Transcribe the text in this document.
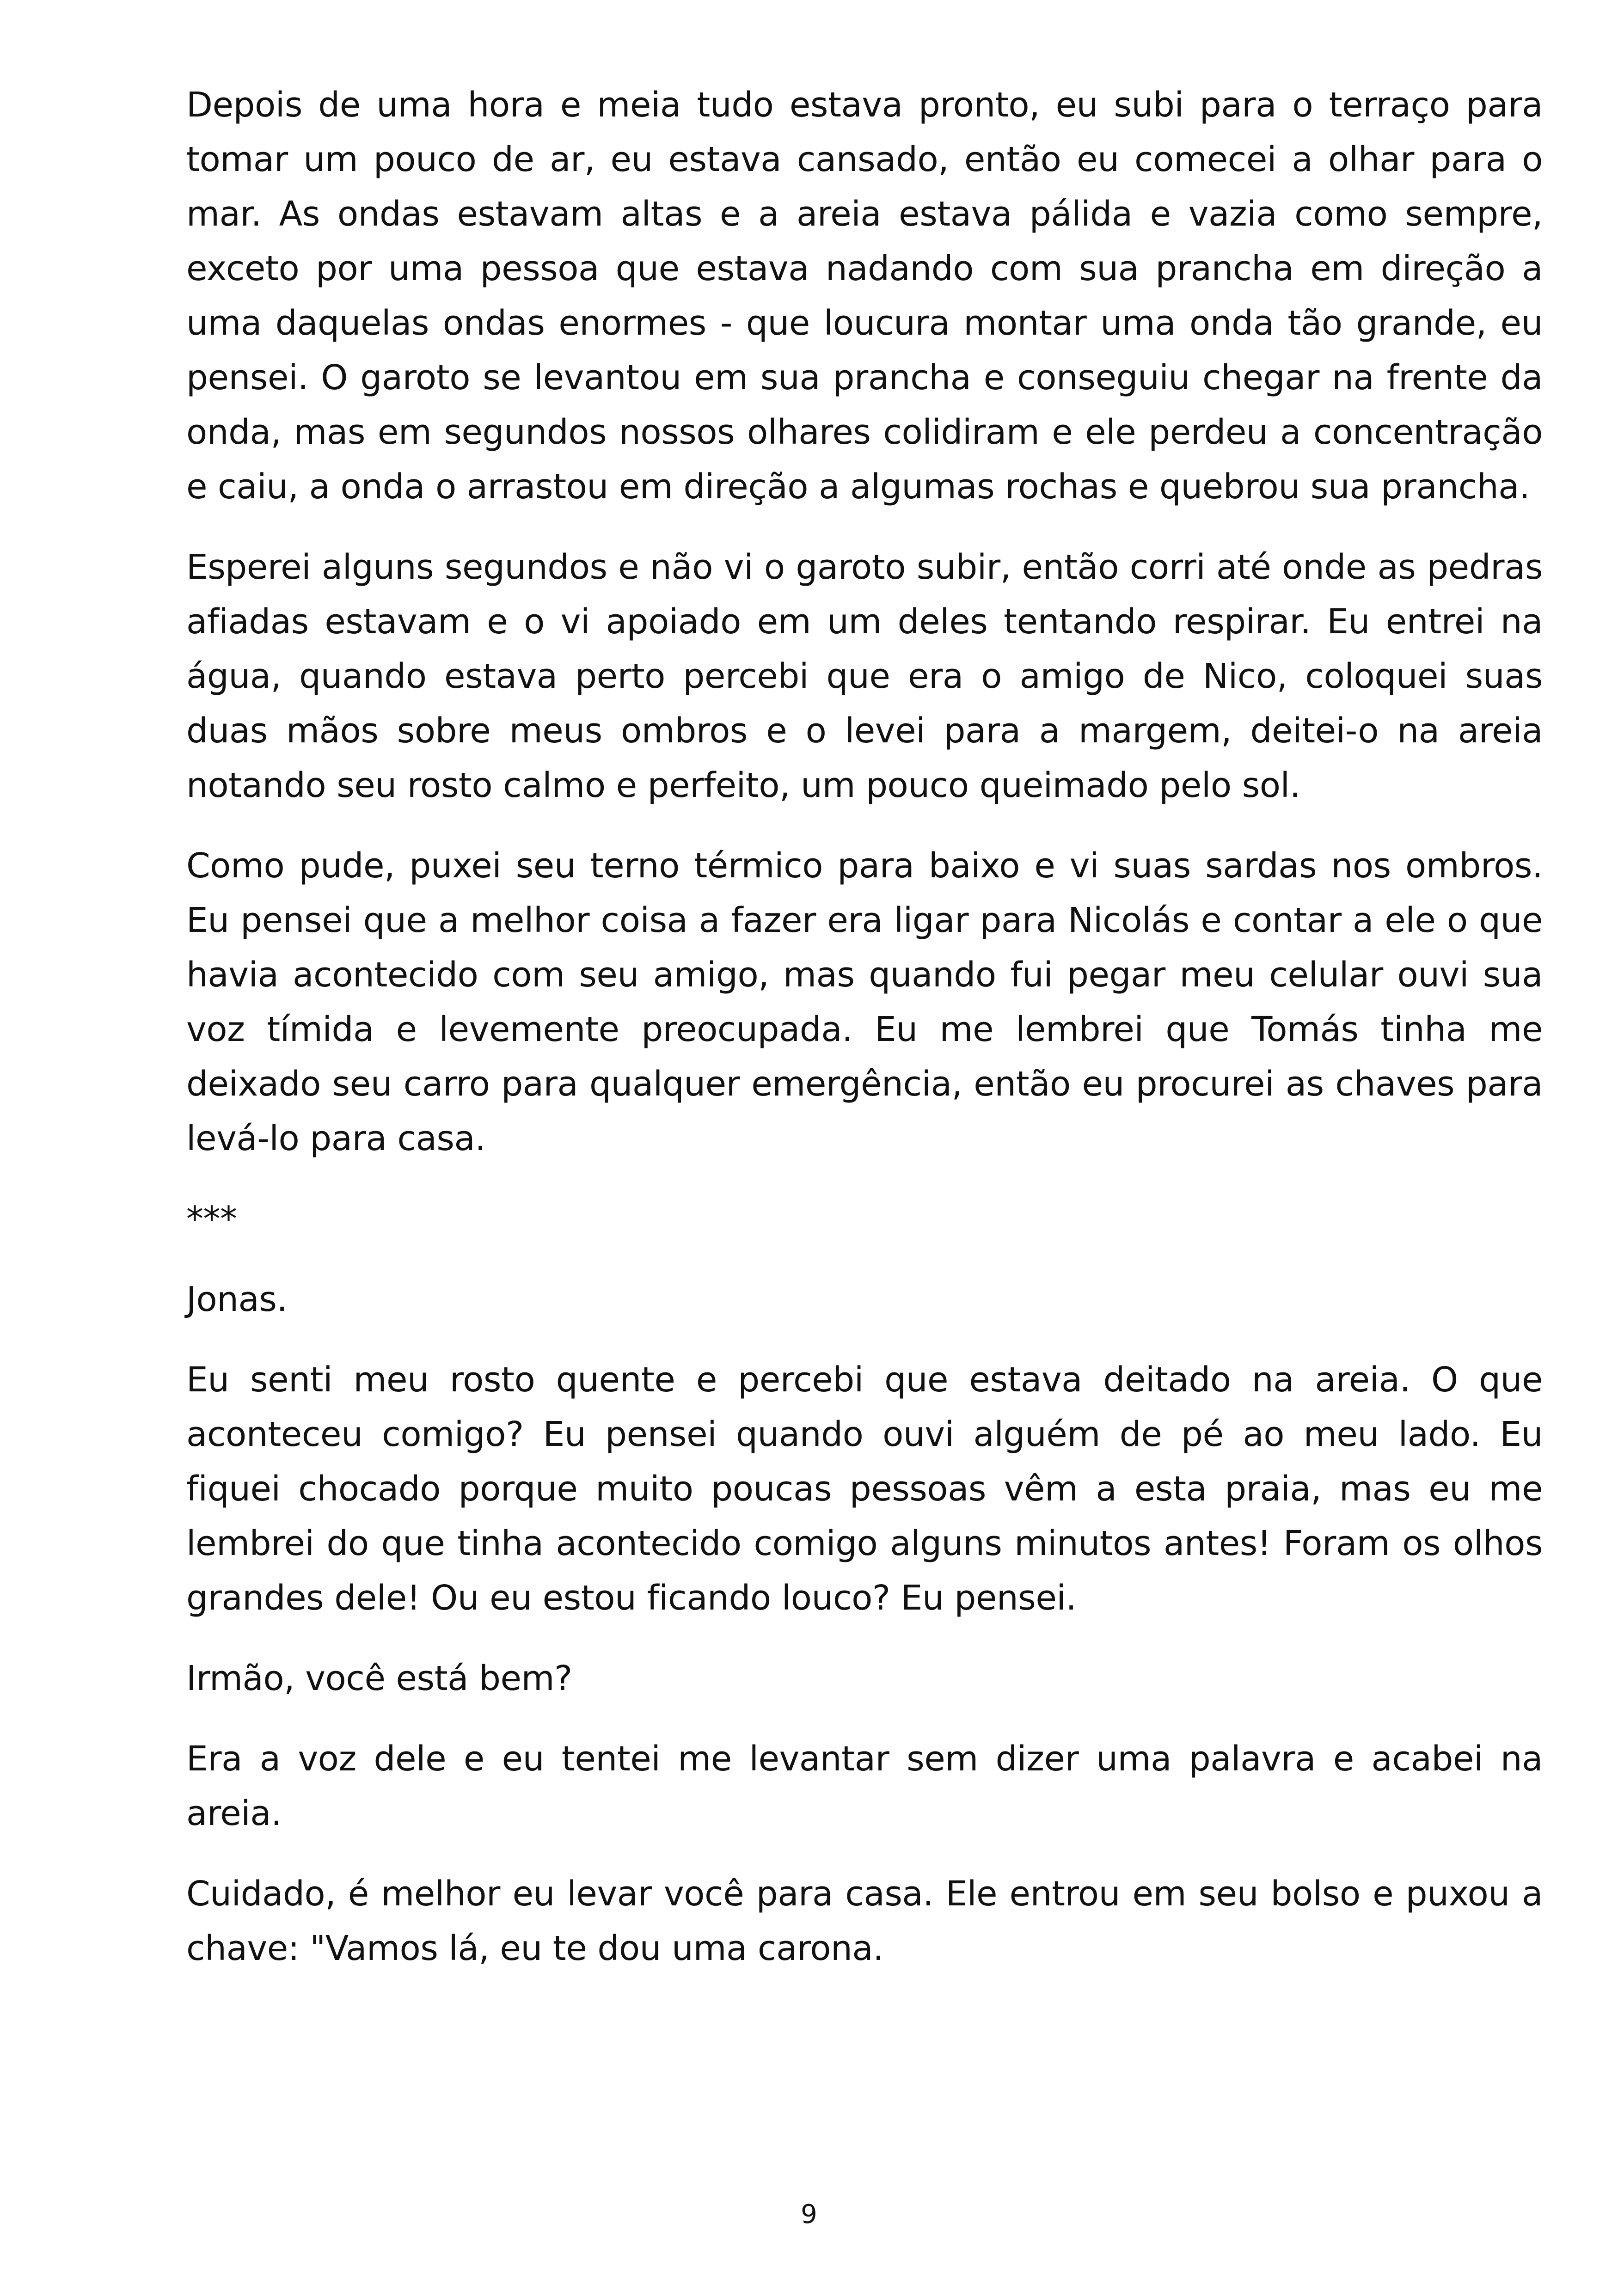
Depois de uma hora e meia tudo estava pronto, eu subi para o terraço para tomar um pouco de ar, eu estava cansado, então eu comecei a olhar para o mar. As ondas estavam altas e a areia estava pálida e vazia como sempre, exceto por uma pessoa que estava nadando com sua prancha em direção a uma daquelas ondas enormes - que loucura montar uma onda tão grande, eu pensei. O garoto se levantou em sua prancha e conseguiu chegar na frente da onda, mas em segundos nossos olhares colidiram e ele perdeu a concentração e caiu, a onda o arrastou em direção a algumas rochas e quebrou sua prancha.

Esperei alguns segundos e não vi o garoto subir, então corri até onde as pedras afiadas estavam e o vi apoiado em um deles tentando respirar. Eu entrei na água, quando estava perto percebi que era o amigo de Nico, coloquei suas duas mãos sobre meus ombros e o levei para a margem, deitei-o na areia notando seu rosto calmo e perfeito, um pouco queimado pelo sol.

Como pude, puxei seu terno térmico para baixo e vi suas sardas nos ombros. Eu pensei que a melhor coisa a fazer era ligar para Nicolás e contar a ele o que havia acontecido com seu amigo, mas quando fui pegar meu celular ouvi sua voz tímida e levemente preocupada. Eu me lembrei que Tomás tinha me deixado seu carro para qualquer emergência, então eu procurei as chaves para levá-lo para casa.

***

Jonas.

Eu senti meu rosto quente e percebi que estava deitado na areia. O que aconteceu comigo? Eu pensei quando ouvi alguém de pé ao meu lado. Eu fiquei chocado porque muito poucas pessoas vêm a esta praia, mas eu me lembrei do que tinha acontecido comigo alguns minutos antes! Foram os olhos grandes dele! Ou eu estou ficando louco? Eu pensei.

Irmão, você está bem?

Era a voz dele e eu tentei me levantar sem dizer uma palavra e acabei na areia.

Cuidado, é melhor eu levar você para casa. Ele entrou em seu bolso e puxou a chave: "Vamos lá, eu te dou uma carona.

9
